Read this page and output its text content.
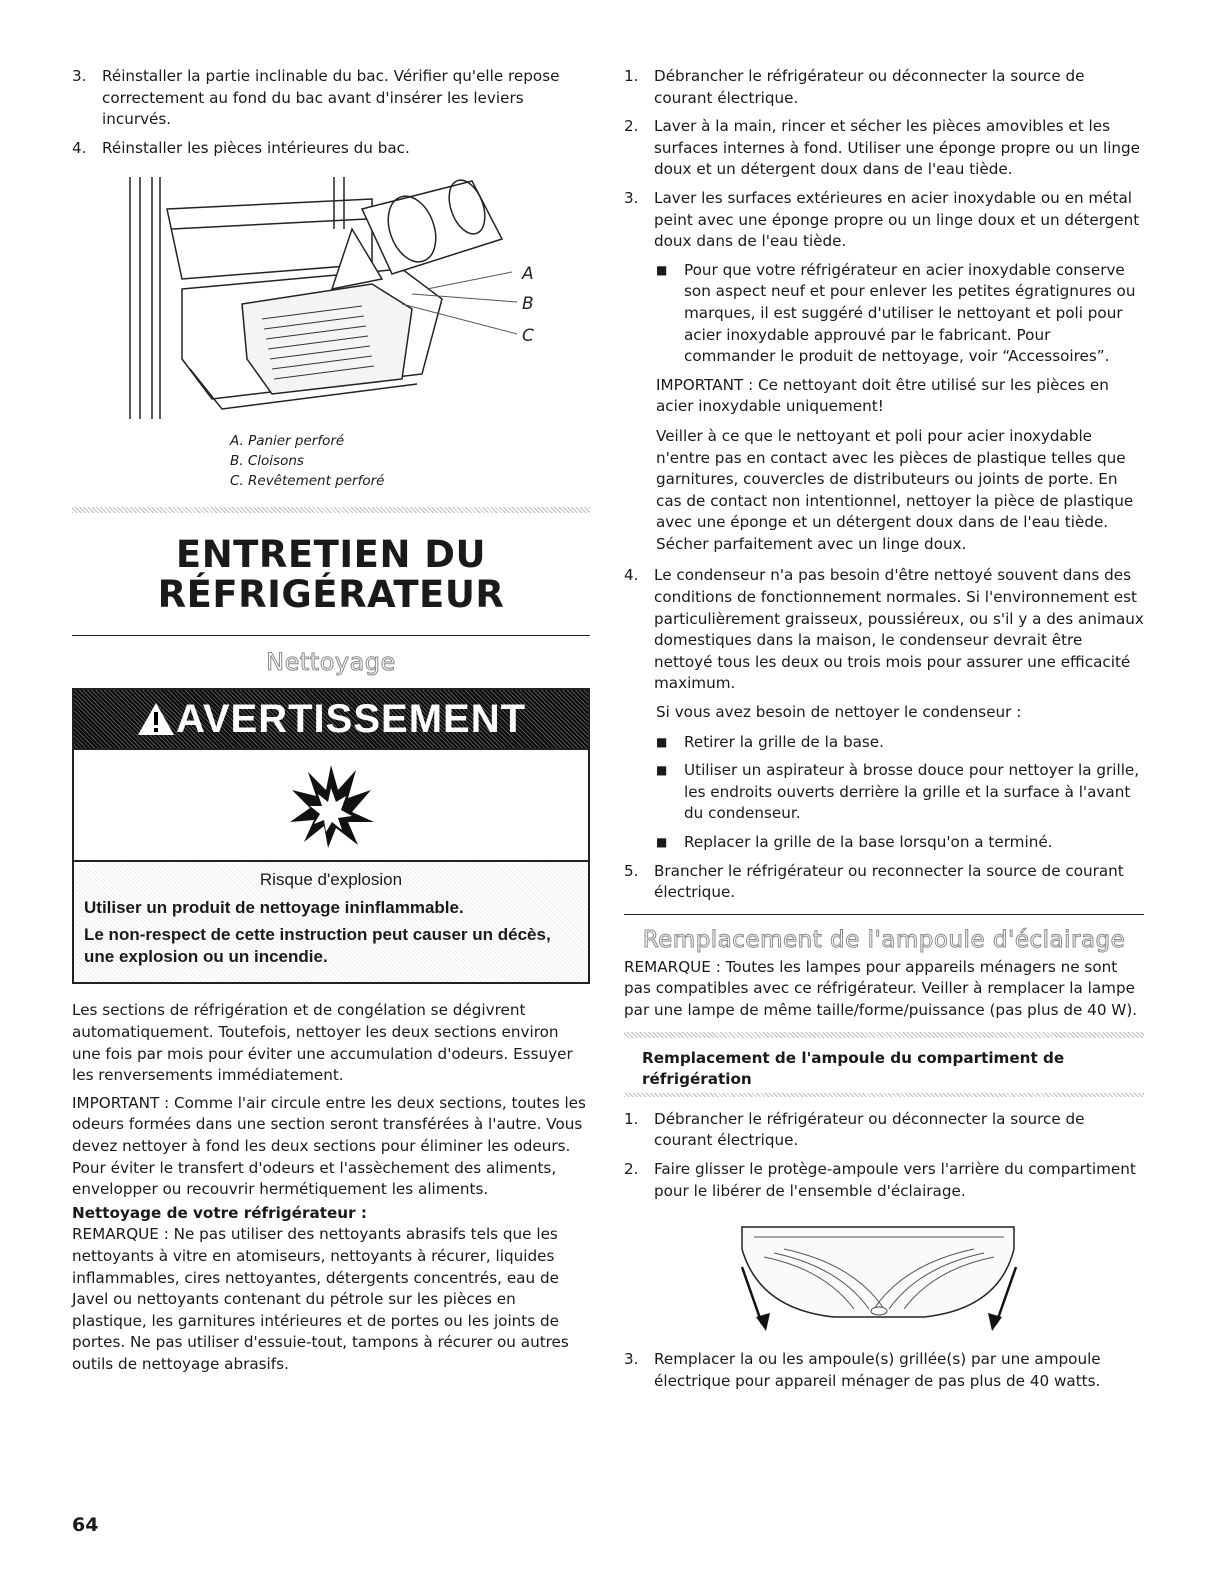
3.	Réinstaller la partie inclinable du bac. Vérifier qu'elle repose correctement au fond du bac avant d'insérer les leviers incurvés.
4.	Réinstaller les pièces intérieures du bac.
A
B
C
A. Panier perforé
B. Cloisons
C. Revêtement perforé
ENTRETIEN DU
RÉFRIGÉRATEUR
Nettoyage
AVERTISSEMENT
Risque d'explosion
Utiliser un produit de nettoyage ininflammable.
Le non-respect de cette instruction peut causer un décès, une explosion ou un incendie.

Les sections de réfrigération et de congélation se dégivrent automatiquement. Toutefois, nettoyer les deux sections environ une fois par mois pour éviter une accumulation d'odeurs. Essuyer les renversements immédiatement.

IMPORTANT : Comme l'air circule entre les deux sections, toutes les odeurs formées dans une section seront transférées à l'autre. Vous devez nettoyer à fond les deux sections pour éliminer les odeurs. Pour éviter le transfert d'odeurs et l'assèchement des aliments, envelopper ou recouvrir hermétiquement les aliments.

Nettoyage de votre réfrigérateur :

REMARQUE : Ne pas utiliser des nettoyants abrasifs tels que les nettoyants à vitre en atomiseurs, nettoyants à récurer, liquides inflammables, cires nettoyantes, détergents concentrés, eau de Javel ou nettoyants contenant du pétrole sur les pièces en plastique, les garnitures intérieures et de portes ou les joints de portes. Ne pas utiliser d'essuie-tout, tampons à récurer ou autres outils de nettoyage abrasifs.

1.	Débrancher le réfrigérateur ou déconnecter la source de courant électrique.
2.	Laver à la main, rincer et sécher les pièces amovibles et les surfaces internes à fond. Utiliser une éponge propre ou un linge doux et un détergent doux dans de l'eau tiède.
3.	Laver les surfaces extérieures en acier inoxydable ou en métal peint avec une éponge propre ou un linge doux et un détergent doux dans de l'eau tiède.
■	Pour que votre réfrigérateur en acier inoxydable conserve son aspect neuf et pour enlever les petites égratignures ou marques, il est suggéré d'utiliser le nettoyant et poli pour acier inoxydable approuvé par le fabricant. Pour commander le produit de nettoyage, voir “Accessoires”.

IMPORTANT : Ce nettoyant doit être utilisé sur les pièces en acier inoxydable uniquement!

Veiller à ce que le nettoyant et poli pour acier inoxydable n'entre pas en contact avec les pièces de plastique telles que garnitures, couvercles de distributeurs ou joints de porte. En cas de contact non intentionnel, nettoyer la pièce de plastique avec une éponge et un détergent doux dans de l'eau tiède. Sécher parfaitement avec un linge doux.

4.	Le condenseur n'a pas besoin d'être nettoyé souvent dans des conditions de fonctionnement normales. Si l'environnement est particulièrement graisseux, poussiéreux, ou s'il y a des animaux domestiques dans la maison, le condenseur devrait être nettoyé tous les deux ou trois mois pour assurer une efficacité maximum.

Si vous avez besoin de nettoyer le condenseur :

■	Retirer la grille de la base.
■	Utiliser un aspirateur à brosse douce pour nettoyer la grille, les endroits ouverts derrière la grille et la surface à l'avant du condenseur.
■	Replacer la grille de la base lorsqu'on a terminé.
5.	Brancher le réfrigérateur ou reconnecter la source de courant électrique.
Remplacement de l'ampoule d'éclairage

REMARQUE : Toutes les lampes pour appareils ménagers ne sont pas compatibles avec ce réfrigérateur. Veiller à remplacer la lampe par une lampe de même taille/forme/puissance (pas plus de 40 W).

Remplacement de l'ampoule du compartiment de réfrigération
1.	Débrancher le réfrigérateur ou déconnecter la source de courant électrique.
2.	Faire glisser le protège-ampoule vers l'arrière du compartiment pour le libérer de l'ensemble d'éclairage.
3.	Remplacer la ou les ampoule(s) grillée(s) par une ampoule électrique pour appareil ménager de pas plus de 40 watts.
64
